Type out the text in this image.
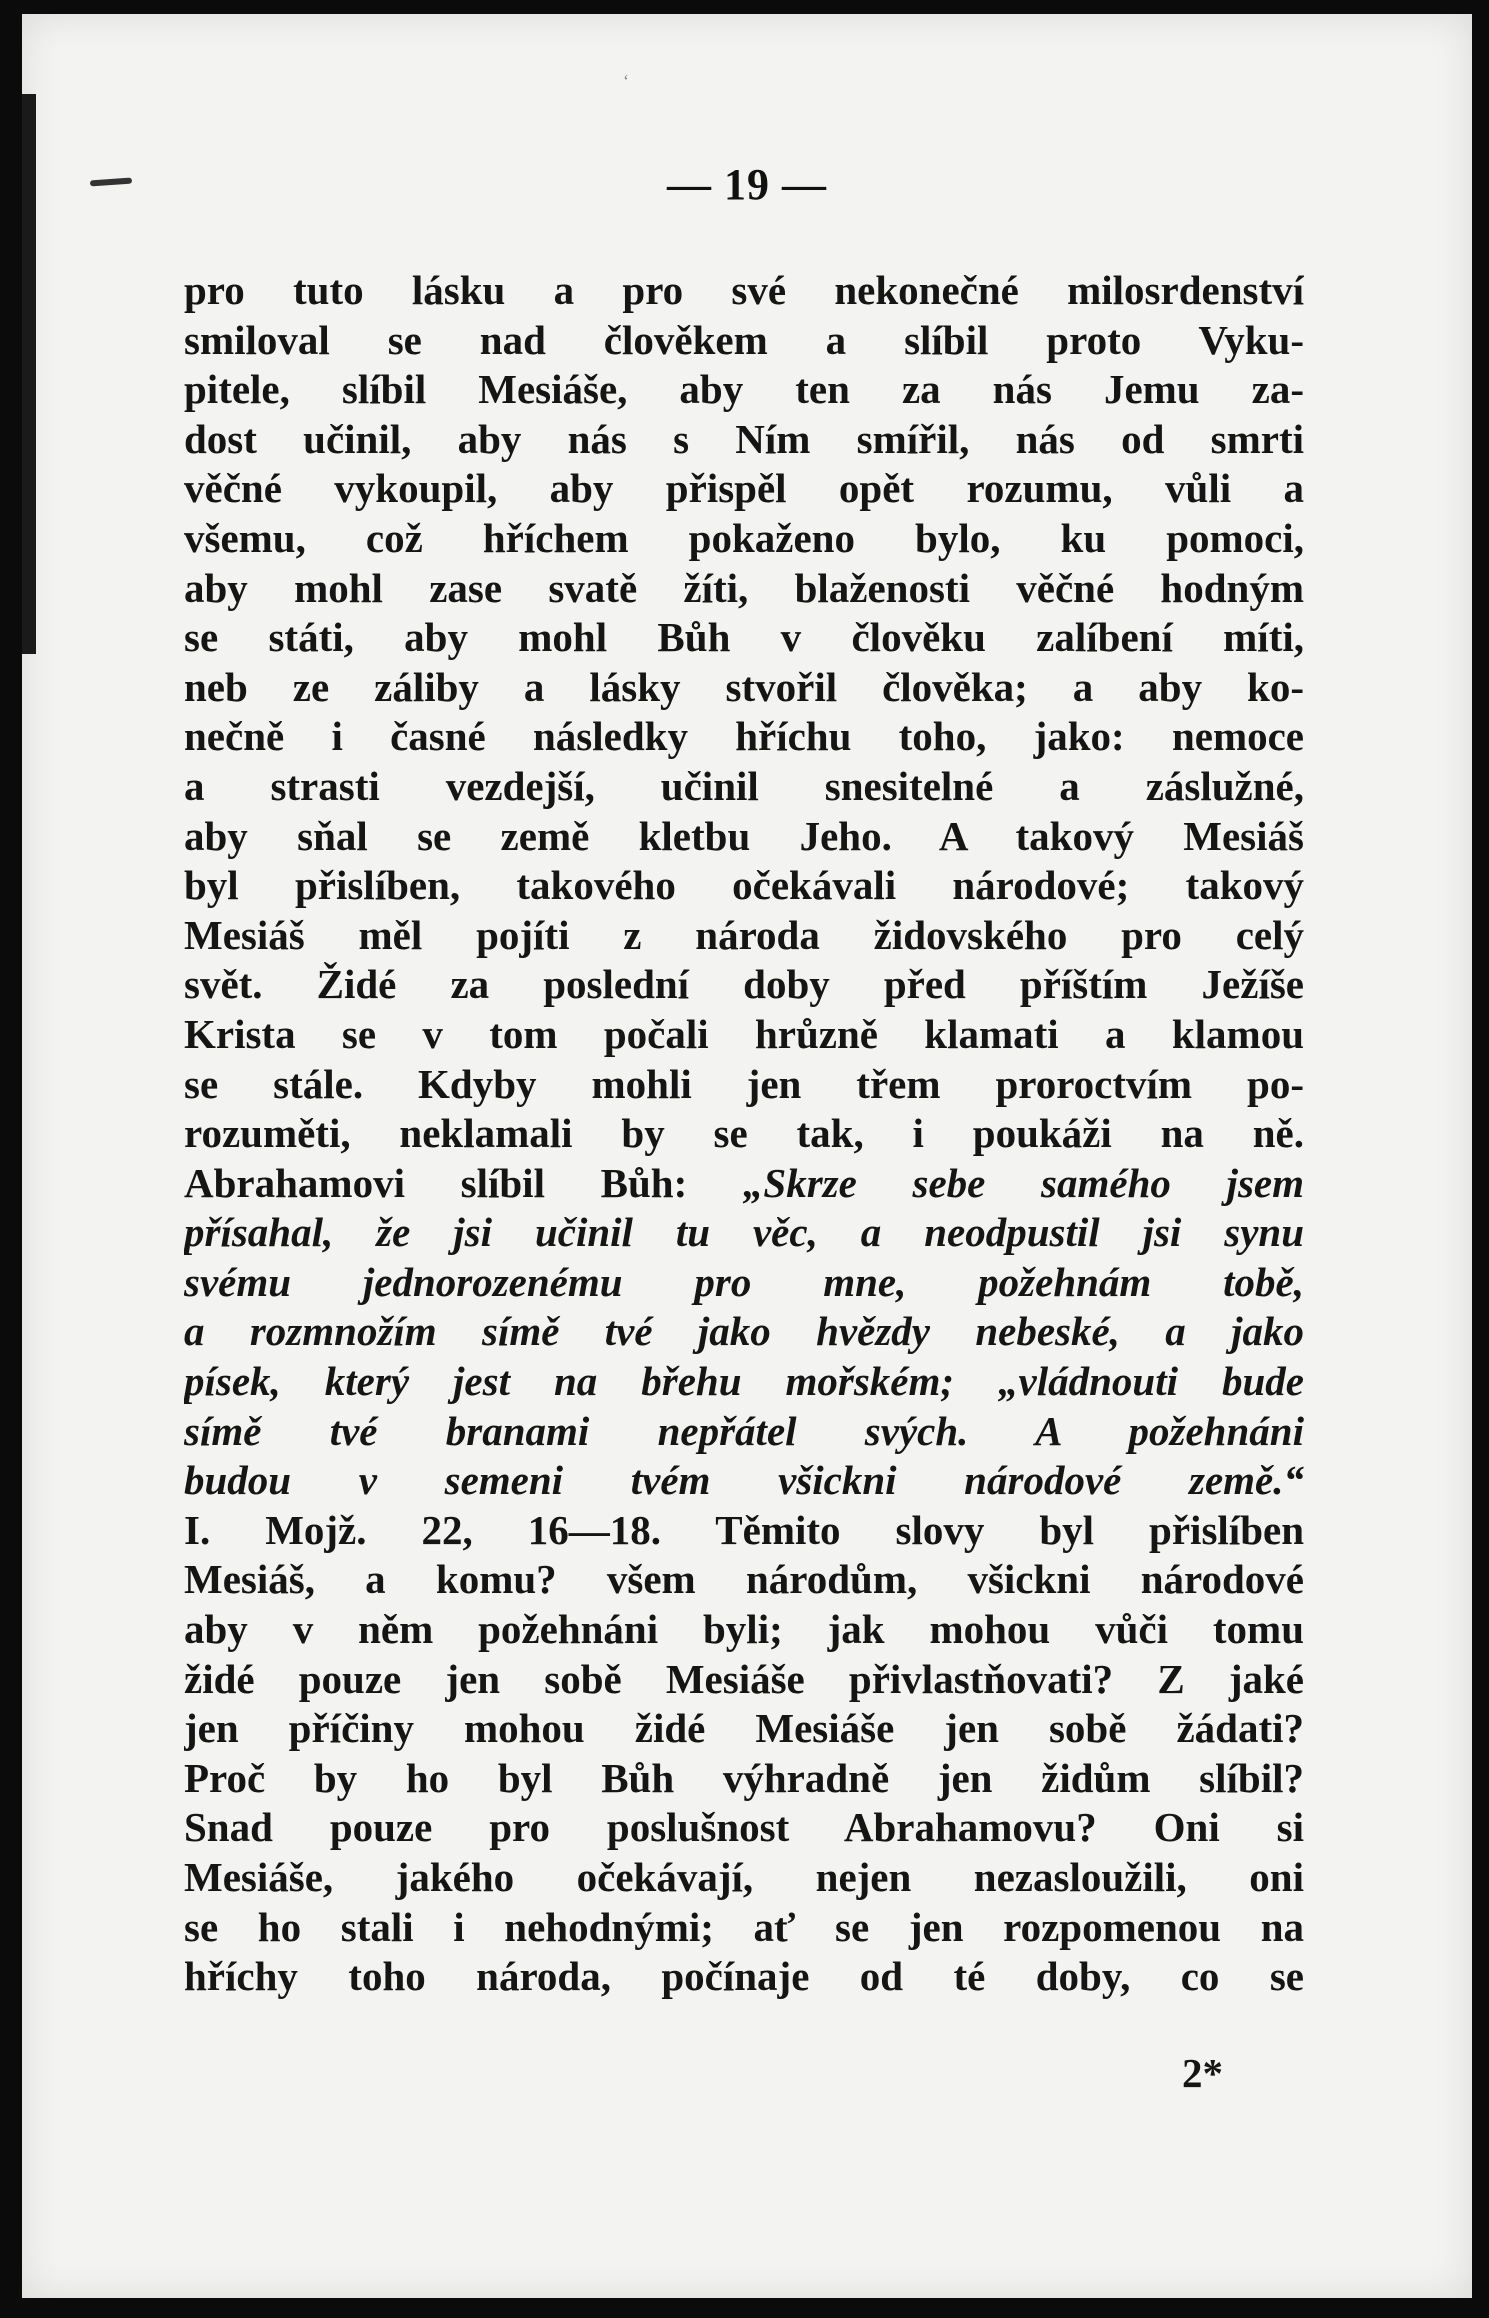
ʻ
— 19 —
pro tuto lásku a pro své nekonečné milosrdenství
smiloval se nad člověkem a slíbil proto Vyku-
pitele, slíbil Mesiáše, aby ten za nás Jemu za-
dost učinil, aby nás s Ním smířil, nás od smrti
věčné vykoupil, aby přispěl opět rozumu, vůli a
všemu, což hříchem pokaženo bylo, ku pomoci,
aby mohl zase svatě žíti, blaženosti věčné hodným
se státi, aby mohl Bůh v člověku zalíbení míti,
neb ze záliby a lásky stvořil člověka; a aby ko-
nečně i časné následky hříchu toho, jako: nemoce
a strasti vezdejší, učinil snesitelné a záslužné,
aby sňal se země kletbu Jeho. A takový Mesiáš
byl přislíben, takového očekávali národové; takový
Mesiáš měl pojíti z národa židovského pro celý
svět. Židé za poslední doby před příštím Ježíše
Krista se v tom počali hrůzně klamati a klamou
se stále. Kdyby mohli jen třem proroctvím po-
rozuměti, neklamali by se tak, i poukáži na ně.
Abrahamovi slíbil Bůh: „Skrze sebe samého jsem
přísahal, že jsi učinil tu věc, a neodpustil jsi synu
svému jednorozenému pro mne, požehnám tobě,
a rozmnožím símě tvé jako hvězdy nebeské, a jako
písek, který jest na břehu mořském; „vládnouti bude
símě tvé branami nepřátel svých. A požehnáni
budou v semeni tvém všickni národové země.“
I. Mojž. 22, 16—18. Těmito slovy byl přislíben
Mesiáš, a komu? všem národům, všickni národové
aby v něm požehnáni byli; jak mohou vůči tomu
židé pouze jen sobě Mesiáše přivlastňovati? Z jaké
jen příčiny mohou židé Mesiáše jen sobě žádati?
Proč by ho byl Bůh výhradně jen židům slíbil?
Snad pouze pro poslušnost Abrahamovu? Oni si
Mesiáše, jakého očekávají, nejen nezasloužili, oni
se ho stali i nehodnými; ať se jen rozpomenou na
hříchy toho národa, počínaje od té doby, co se
2*
